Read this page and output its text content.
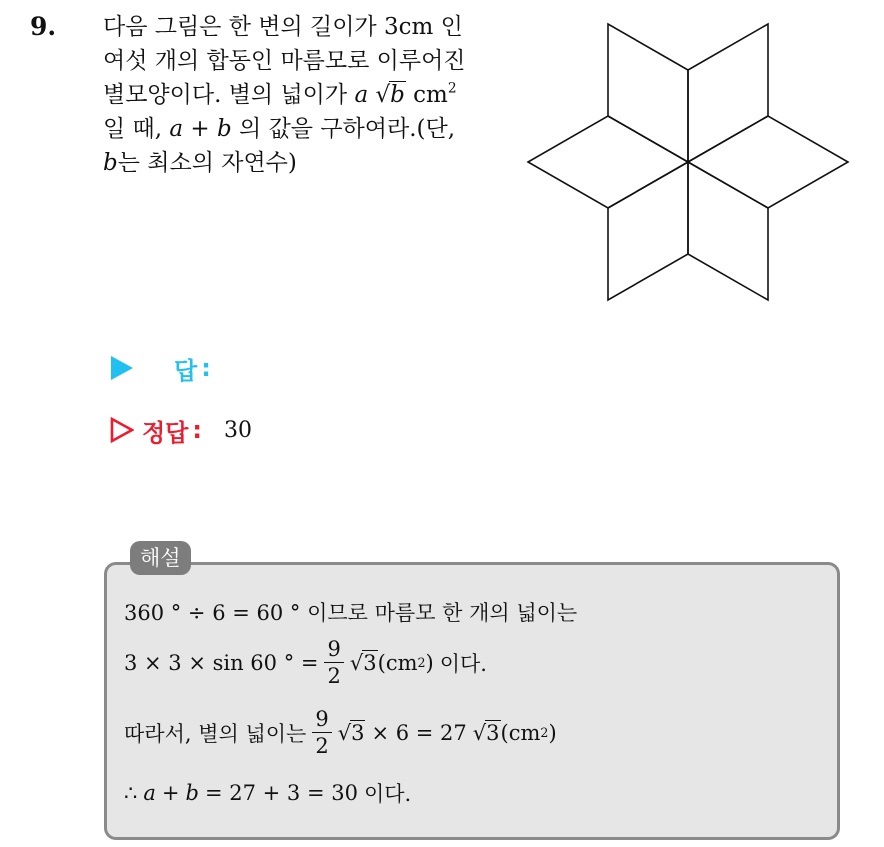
9. 다음 그림은 한 변의 길이가 3cm 인
여섯 개의 합동인 마름모로 이루어진
별모양이다. 별의 넓이가 a √b $cm^2$
일 때, a + b 의 값을 구하여라.(단,
b는 최소의 자연수)
답 :
정답 : 30
해설
360 ° ÷ 6 = 60 ° 이므로 마름모 한 개의 넓이는
3 × 3 × sin 60 ° = $\frac{9}{2} √3$ (cm 2 ) 이다.
따라서, 별의 넓이는 $\frac{9}{2} √3 \times 6 = 27$ √3 (cm 2 )
∴ a + b = 27 + 3 = 30 이다.
